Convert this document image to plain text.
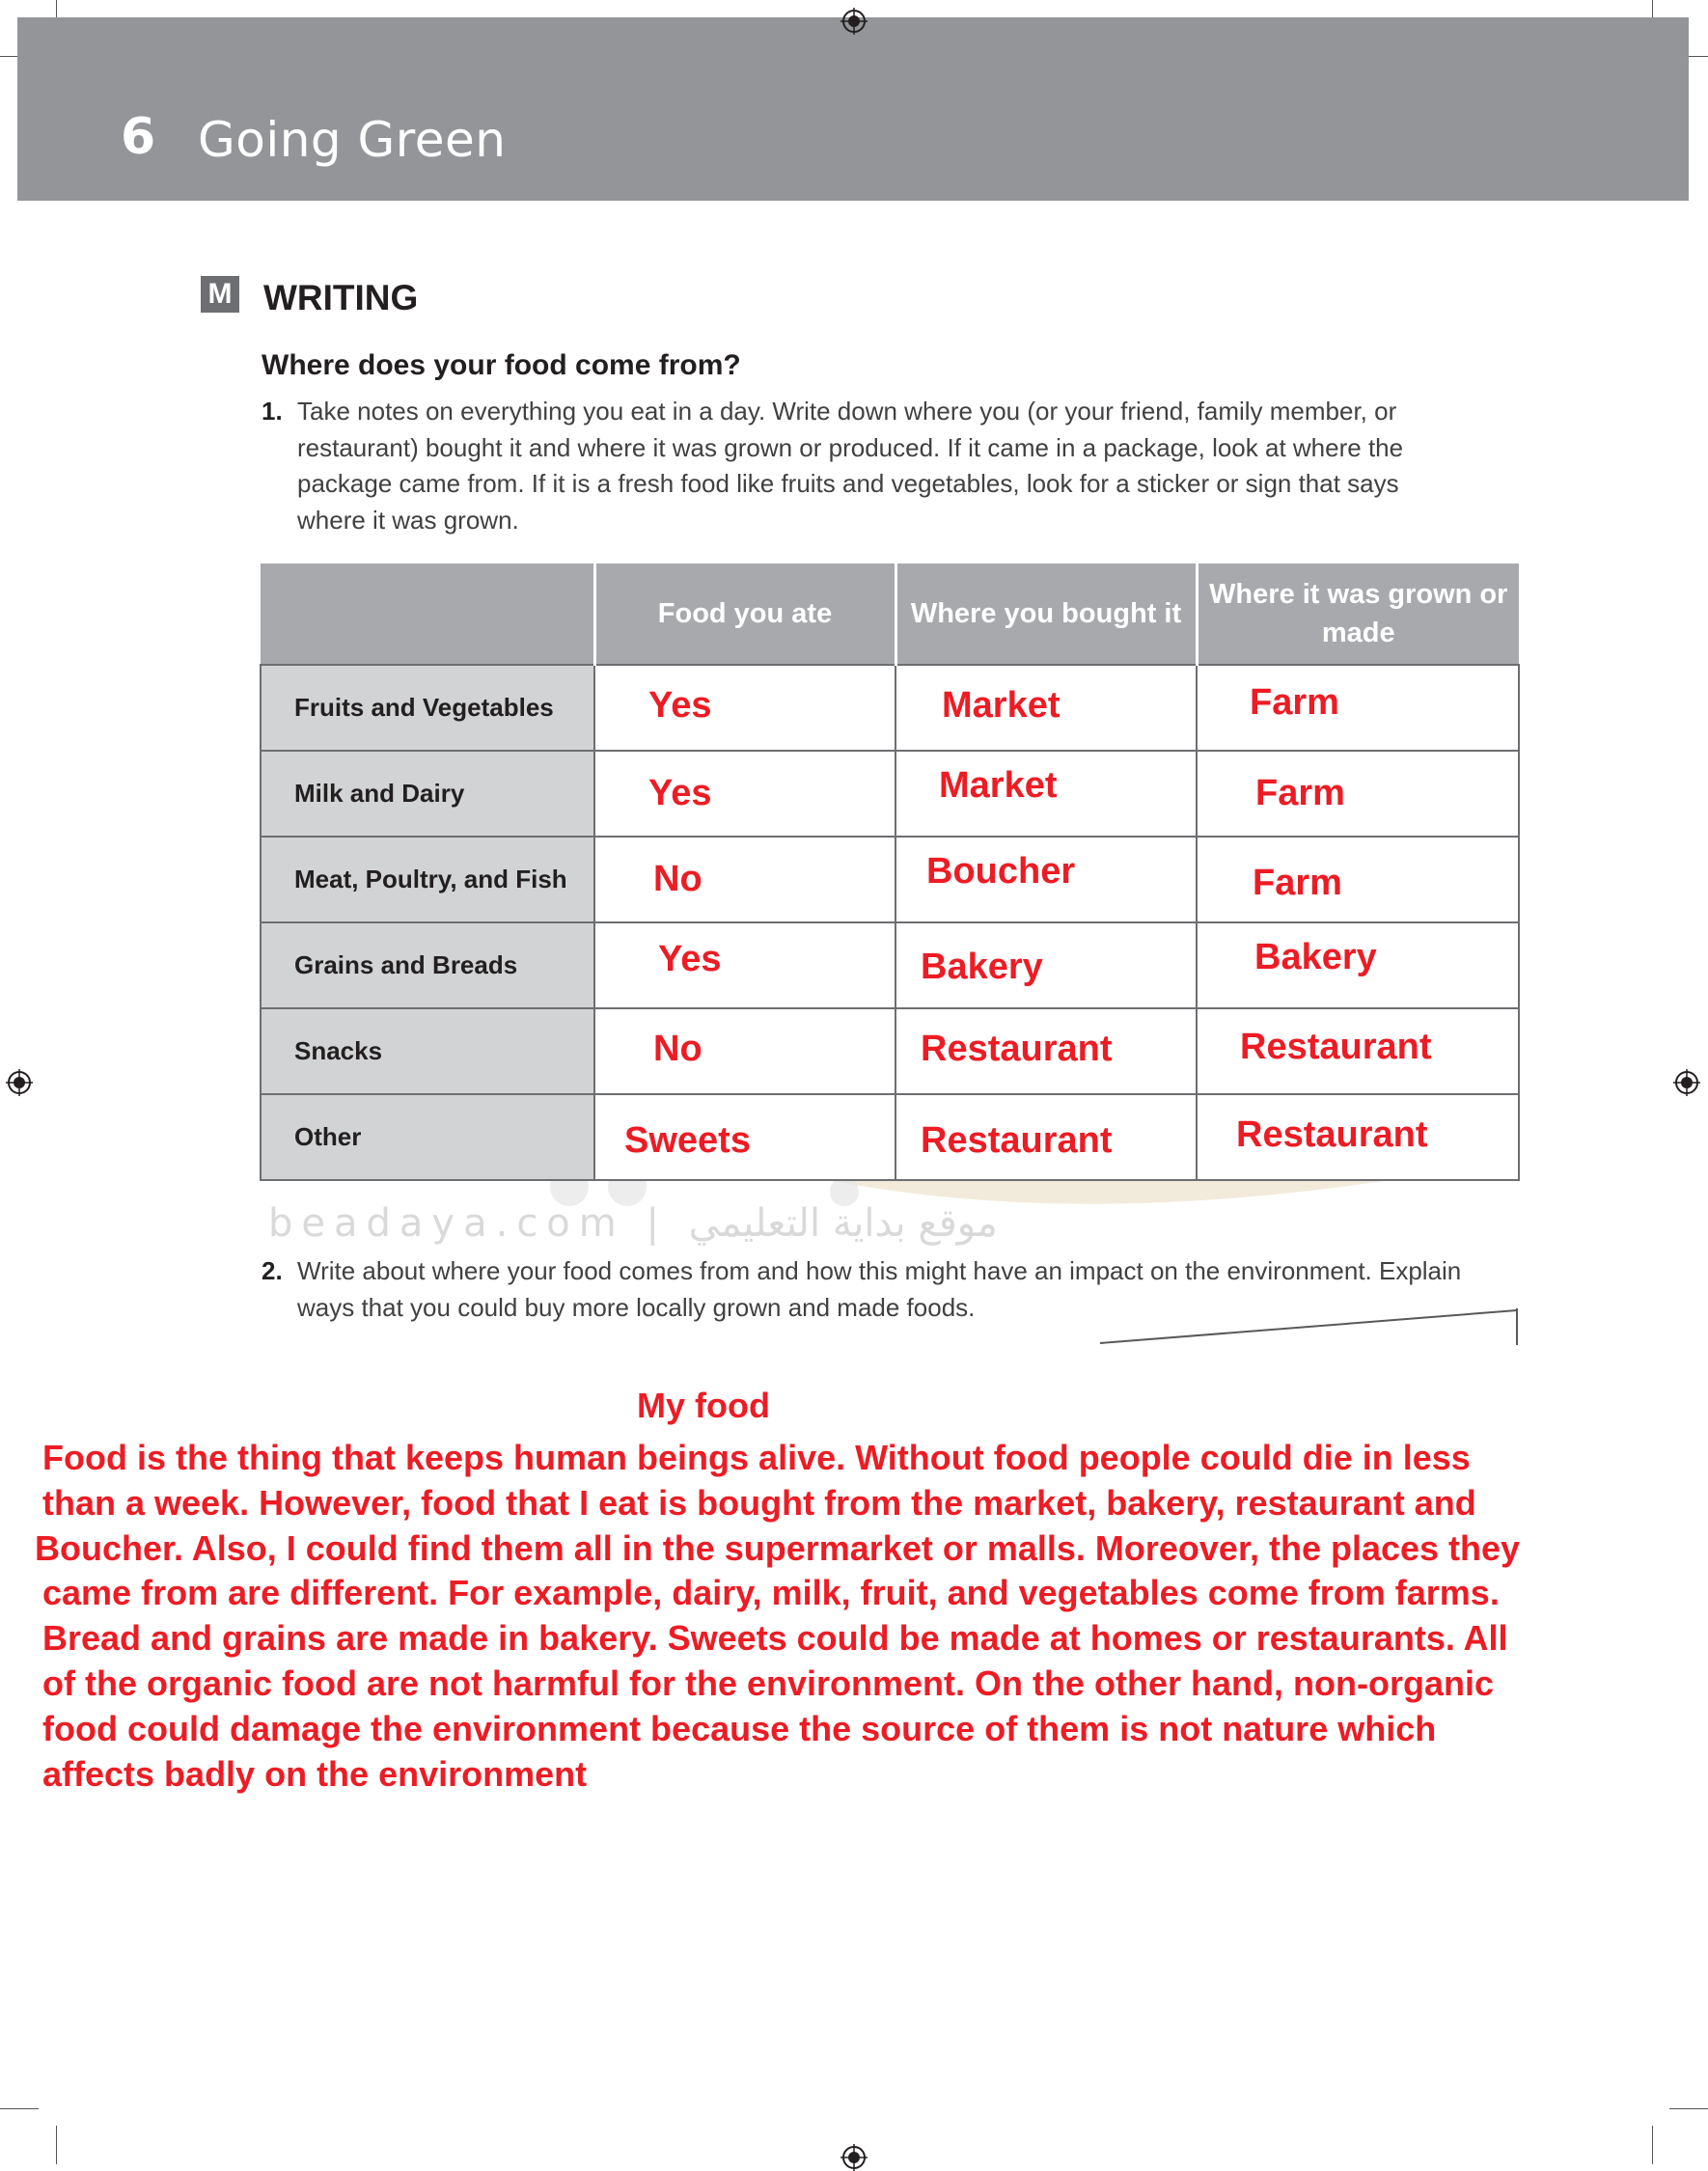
6 Going Green
M WRITING
Where does your food come from?
1. Take notes on everything you eat in a day. Write down where you (or your friend, family member, or restaurant) bought it and where it was grown or produced. If it came in a package, look at where the package came from. If it is a fresh food like fruits and vegetables, look for a sticker or sign that says where it was grown.
	Food you ate	Where you bought it	Where it was grown or made
Fruits and Vegetables	Yes	Market	Farm

Milk and Dairy	Yes	Market	Farm

Meat, Poultry, and Fish	No	Boucher	Farm

Grains and Breads	Yes	Bakery	Bakery

Snacks	No	Restaurant	Restaurant

Other	Sweets	Restaurant	Restaurant
beadaya.com | موقع بداية التعليمي
2. Write about where your food comes from and how this might have an impact on the environment. Explain ways that you could buy more locally grown and made foods.
My food
Food is the thing that keeps human beings alive. Without food people could die in less
than a week. However, food that I eat is bought from the market, bakery, restaurant and
Boucher. Also, I could find them all in the supermarket or malls. Moreover, the places they
came from are different. For example, dairy, milk, fruit, and vegetables come from farms.
Bread and grains are made in bakery. Sweets could be made at homes or restaurants. All
of the organic food are not harmful for the environment. On the other hand, non-organic
food could damage the environment because the source of them is not nature which
affects badly on the environment
